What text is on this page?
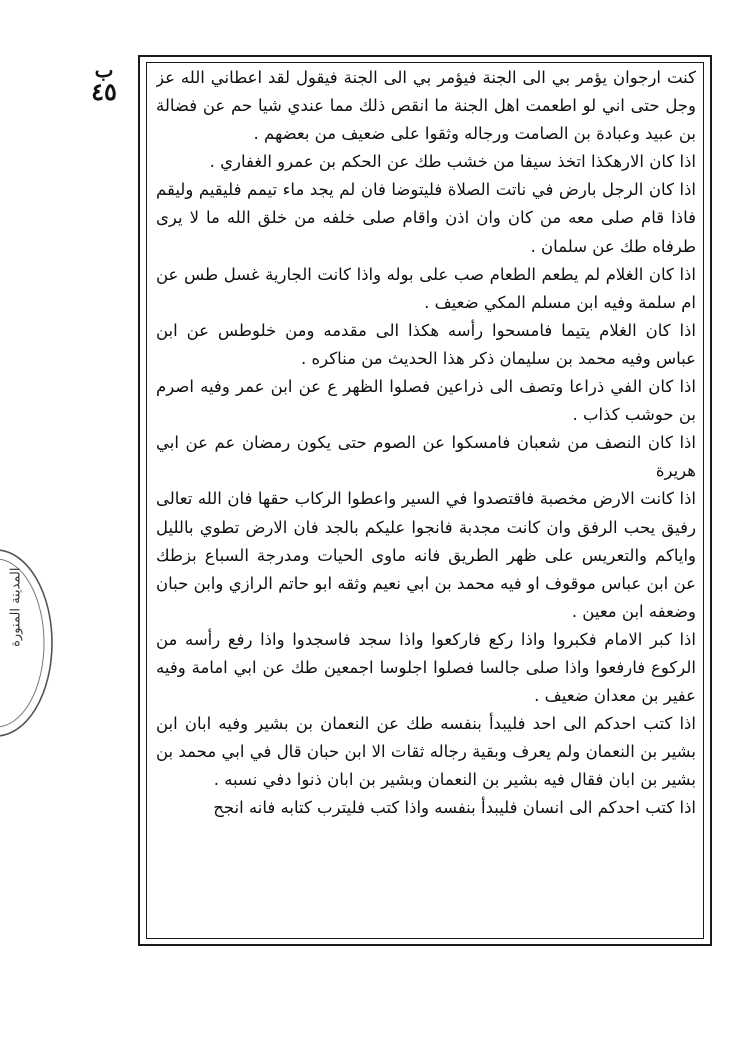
المدينة المنورة
ب
٤٥	كنت ارجوان يؤمر بي الى الجنة فيؤمر بي الى الجنة فيقول لقد اعطاني الله عز وجل حتى اني لو اطعمت اهل الجنة ما انقص ذلك مما عندي شيا حم عن فضالة بن عبيد وعبادة بن الصامت ورجاله وثقوا على ضعيف من بعضهم .

اذا كان الارهكذا اتخذ سيفا من خشب طك عن الحكم بن عمرو الغفاري .

اذا كان الرجل بارض في ناتت الصلاة فليتوضا فان لم يجد ماء تيمم فليقيم وليقم فاذا قام صلى معه من كان وان اذن واقام صلى خلفه من خلق الله ما لا يرى طرفاه طك عن سلمان .

اذا كان الغلام لم يطعم الطعام صب على بوله واذا كانت الجارية غسل طس عن ام سلمة وفيه ابن مسلم المكي ضعيف .

اذا كان الغلام يتيما فامسحوا رأسه هكذا الى مقدمه ومن خلوطس عن ابن عباس وفيه محمد بن سليمان ذكر هذا الحديث من مناكره .

اذا كان الفي ذراعا وتصف الى ذراعين فصلوا الظهر ع عن ابن عمر وفيه اصرم بن حوشب كذاب .

اذا كان النصف من شعبان فامسكوا عن الصوم حتى يكون رمضان عم عن ابي هريرة

اذا كانت الارض مخصبة فاقتصدوا في السير واعطوا الركاب حقها فان الله تعالى رفيق يحب الرفق وان كانت مجدبة فانجوا عليكم بالجد فان الارض تطوي بالليل واياكم والتعريس على ظهر الطريق فانه ماوى الحيات ومدرجة السباع بزطك عن ابن عباس موقوف او فيه محمد بن ابي نعيم وثقه ابو حاتم الرازي وابن حبان وضعفه ابن معين .

اذا كبر الامام فكبروا واذا ركع فاركعوا واذا سجد فاسجدوا واذا رفع رأسه من الركوع فارفعوا واذا صلى جالسا فصلوا اجلوسا اجمعين طك عن ابي امامة وفيه عفير بن معدان ضعيف .

اذا كتب احدكم الى احد فليبدأ بنفسه طك عن النعمان بن بشير وفيه ابان ابن بشير بن النعمان ولم يعرف وبقية رجاله ثقات الا ابن حبان قال في ابي محمد بن بشير بن ابان فقال فيه بشير بن النعمان وبشير بن ابان ذنوا دفي نسبه .

اذا كتب احدكم الى انسان فليبدأ بنفسه واذا كتب فليترب كتابه فانه انجح
